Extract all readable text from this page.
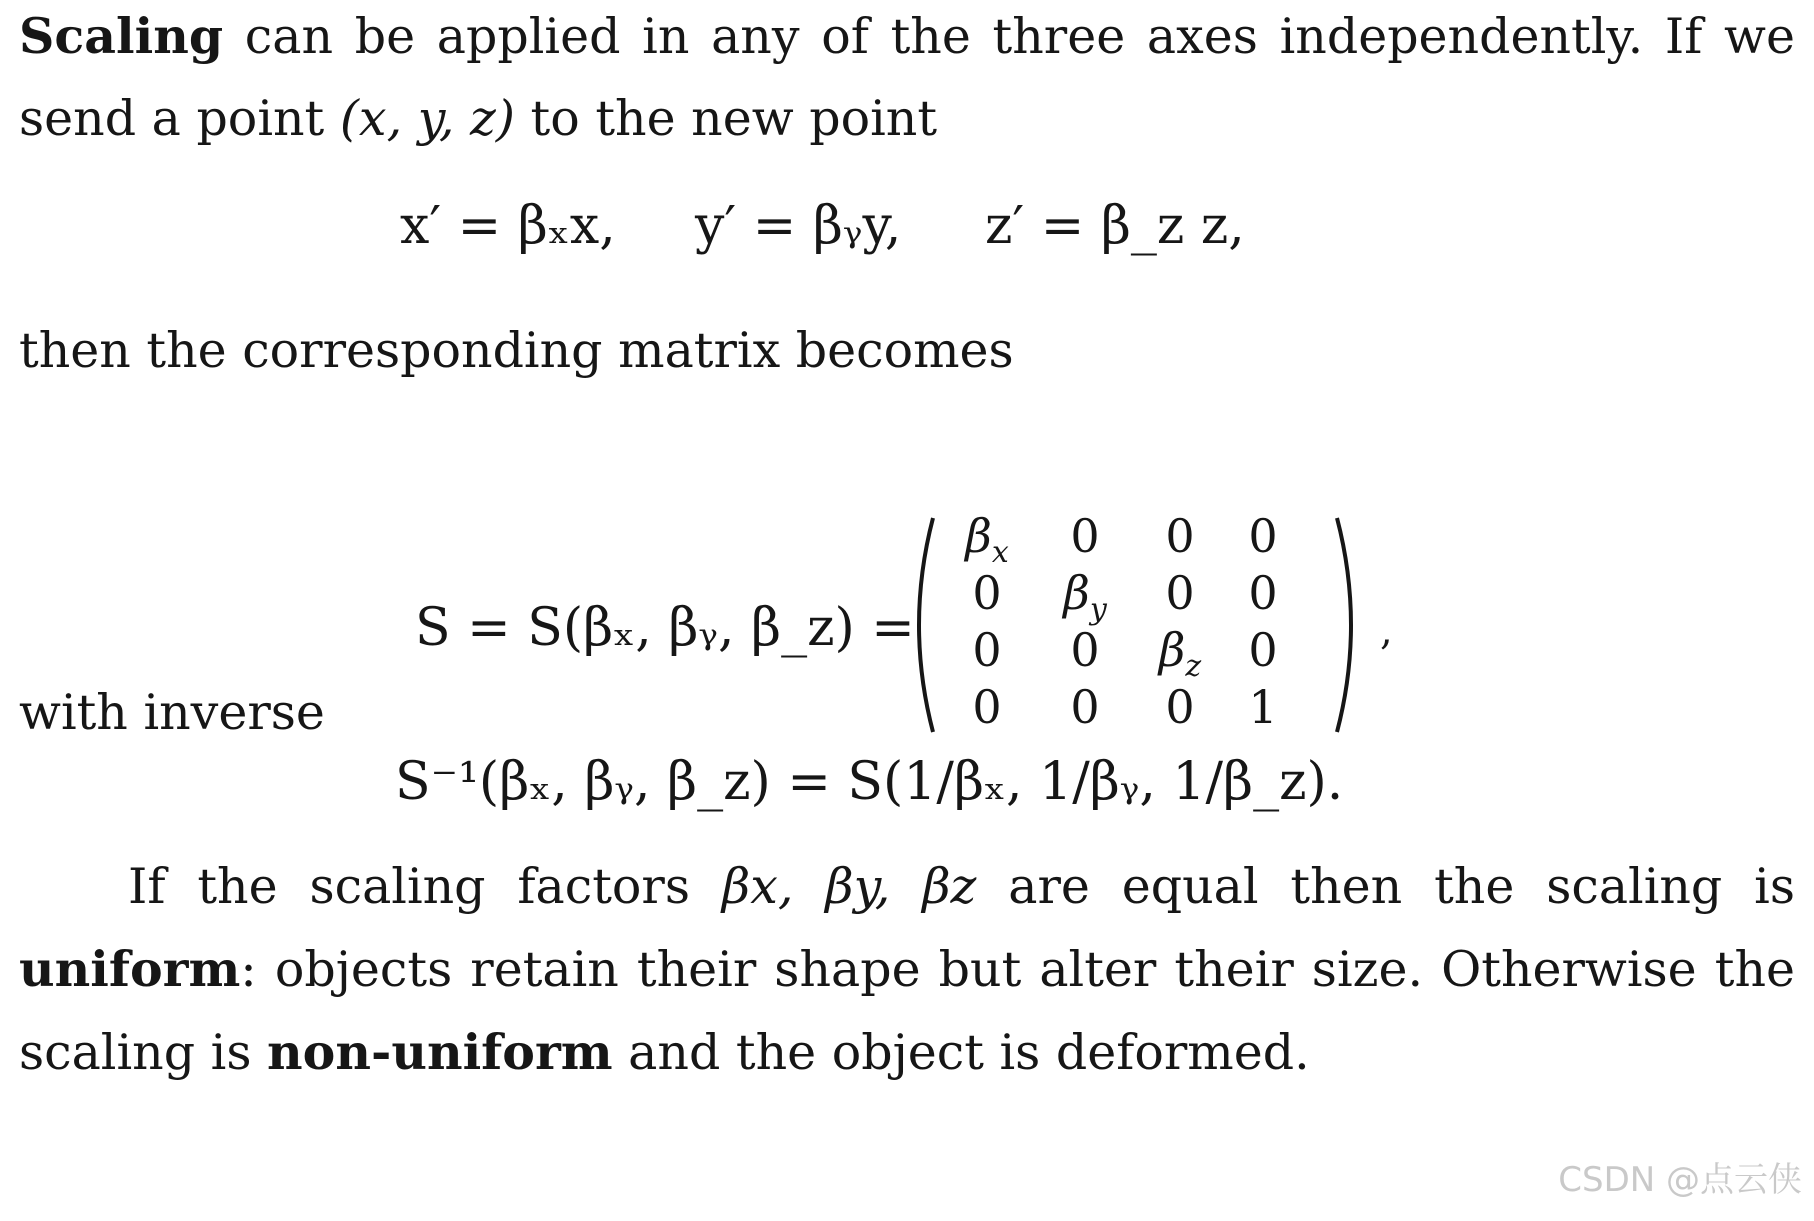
Scaling can be applied in any of the three axes independently. If we send a point (x, y, z) to the new point

x′ = βₓx, y′ = βᵧy, z′ = β_z z,
then the corresponding matrix becomes
S = S(βₓ, βᵧ, β_z) =
$\beta_x$ 0 0 0
0 $\beta_y$ 0 0
0 0 $\beta_z$ 0
0 0 0 1
,
with inverse
S⁻¹(βₓ, βᵧ, β_z) = S(1/βₓ, 1/βᵧ, 1/β_z).

If the scaling factors βx, βy, βz are equal then the scaling is uniform: objects retain their shape but alter their size. Otherwise the scaling is non-uniform and the object is deformed.

CSDN @点云侠
